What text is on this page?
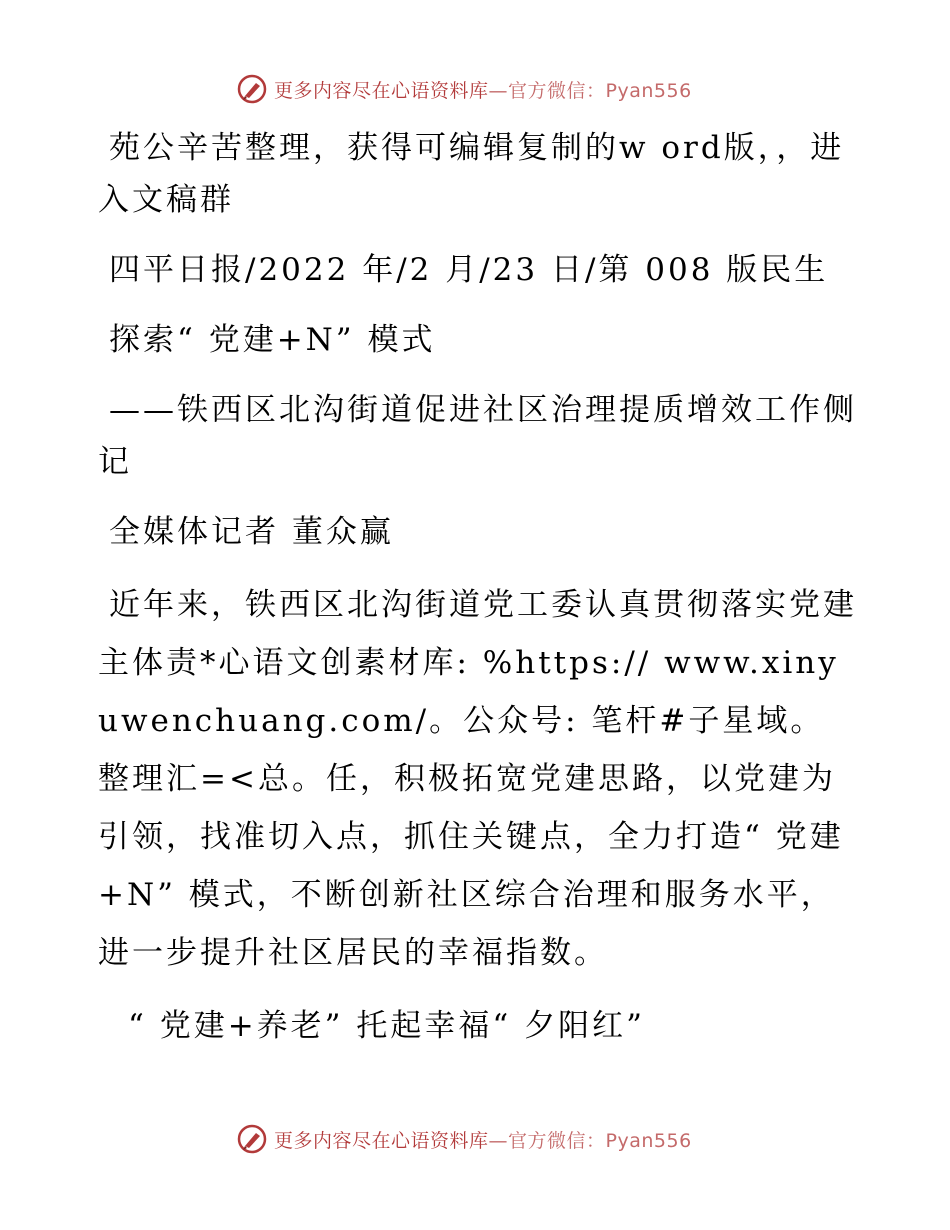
更多内容尽在心语资料库—官方微信：Pyan556

苑公辛苦整理，获得可编辑复制的w ord版，，进入文稿群

四平日报/2022 年/2 月/23 日/第 008 版民生

探索“ 党建+N” 模式

——铁西区北沟街道促进社区治理提质增效工作侧记

全媒体记者 董众赢

近年来，铁西区北沟街道党工委认真贯彻落实党建主体责*心语文创素材库: %https:// www.xinyuwenchuang.com/。公众号: 笔杆#子星域。整理汇=<总。任，积极拓宽党建思路，以党建为引领，找准切入点，抓住关键点，全力打造“ 党建+N” 模式，不断创新社区综合治理和服务水平，进一步提升社区居民的幸福指数。

“ 党建+养老” 托起幸福“ 夕阳红”

更多内容尽在心语资料库—官方微信：Pyan556
